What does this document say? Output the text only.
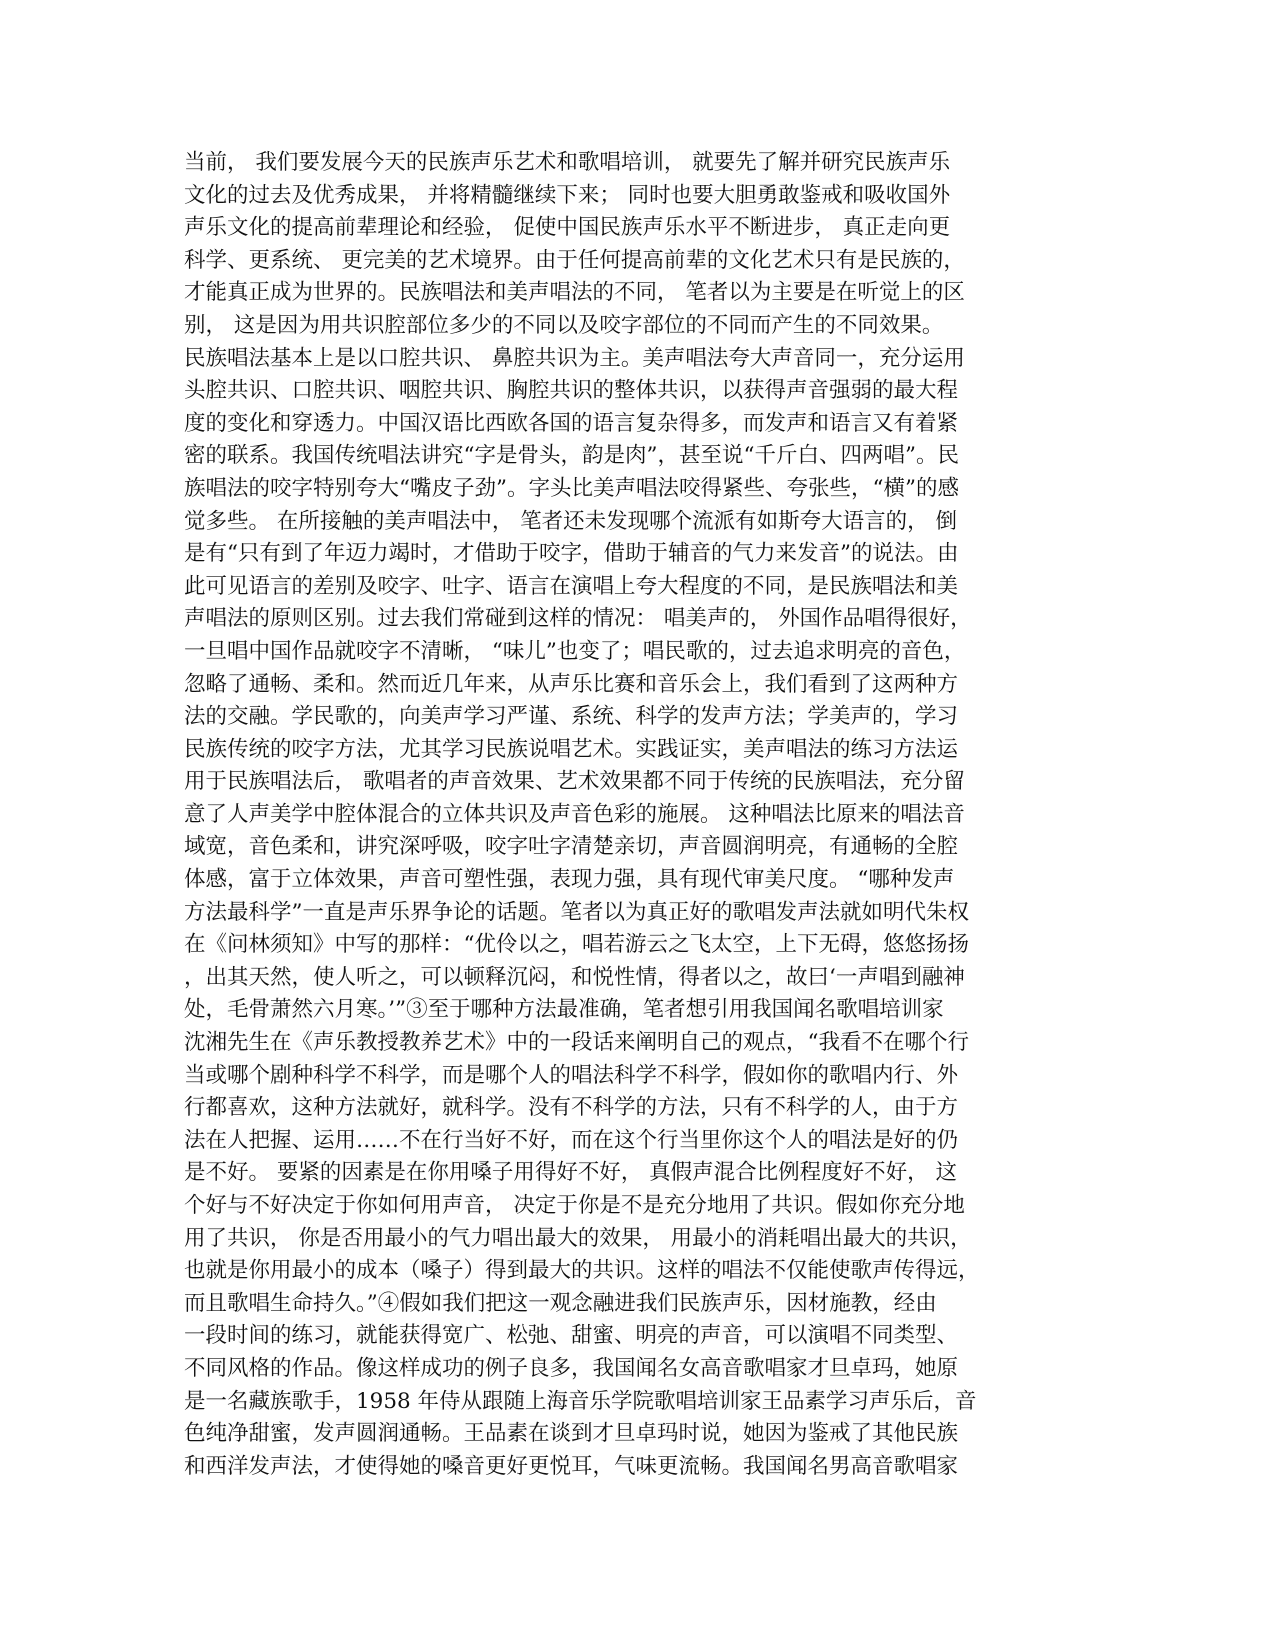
当前， 我们要发展今天的民族声乐艺术和歌唱培训， 就要先了解并研究民族声乐
文化的过去及优秀成果， 并将精髓继续下来； 同时也要大胆勇敢鉴戒和吸收国外
声乐文化的提高前辈理论和经验， 促使中国民族声乐水平不断进步， 真正走向更
科学、更系统、 更完美的艺术境界。由于任何提高前辈的文化艺术只有是民族的，
才能真正成为世界的。民族唱法和美声唱法的不同， 笔者以为主要是在听觉上的区
别， 这是因为用共识腔部位多少的不同以及咬字部位的不同而产生的不同效果。
民族唱法基本上是以口腔共识、 鼻腔共识为主。美声唱法夸大声音同一，充分运用
头腔共识、口腔共识、咽腔共识、胸腔共识的整体共识，以获得声音强弱的最大程
度的变化和穿透力。中国汉语比西欧各国的语言复杂得多，而发声和语言又有着紧
密的联系。我国传统唱法讲究“字是骨头，韵是肉”，甚至说“千斤白、四两唱”。民
族唱法的咬字特别夸大“嘴皮子劲”。字头比美声唱法咬得紧些、夸张些，“横”的感
觉多些。 在所接触的美声唱法中， 笔者还未发现哪个流派有如斯夸大语言的， 倒
是有“只有到了年迈力竭时，才借助于咬字，借助于辅音的气力来发音”的说法。由
此可见语言的差别及咬字、吐字、语言在演唱上夸大程度的不同，是民族唱法和美
声唱法的原则区别。过去我们常碰到这样的情况： 唱美声的， 外国作品唱得很好，
一旦唱中国作品就咬字不清晰， “味儿”也变了；唱民歌的，过去追求明亮的音色，
忽略了通畅、柔和。然而近几年来，从声乐比赛和音乐会上，我们看到了这两种方
法的交融。学民歌的，向美声学习严谨、系统、科学的发声方法；学美声的，学习
民族传统的咬字方法，尤其学习民族说唱艺术。实践证实，美声唱法的练习方法运
用于民族唱法后， 歌唱者的声音效果、艺术效果都不同于传统的民族唱法，充分留
意了人声美学中腔体混合的立体共识及声音色彩的施展。 这种唱法比原来的唱法音
域宽，音色柔和，讲究深呼吸，咬字吐字清楚亲切，声音圆润明亮，有通畅的全腔
体感，富于立体效果，声音可塑性强，表现力强，具有现代审美尺度。 “哪种发声
方法最科学”一直是声乐界争论的话题。笔者以为真正好的歌唱发声法就如明代朱权
在《问林须知》中写的那样：“优伶以之，唱若游云之飞太空，上下无碍，悠悠扬扬
，出其天然，使人听之，可以顿释沉闷，和悦性情，得者以之，故曰‘一声唱到融神
处，毛骨萧然六月寒。’”③至于哪种方法最准确，笔者想引用我国闻名歌唱培训家
沈湘先生在《声乐教授教养艺术》中的一段话来阐明自己的观点，“我看不在哪个行
当或哪个剧种科学不科学，而是哪个人的唱法科学不科学，假如你的歌唱内行、外
行都喜欢，这种方法就好，就科学。没有不科学的方法，只有不科学的人，由于方
法在人把握、运用……不在行当好不好，而在这个行当里你这个人的唱法是好的仍
是不好。 要紧的因素是在你用嗓子用得好不好， 真假声混合比例程度好不好， 这
个好与不好决定于你如何用声音， 决定于你是不是充分地用了共识。假如你充分地
用了共识， 你是否用最小的气力唱出最大的效果， 用最小的消耗唱出最大的共识，
也就是你用最小的成本（嗓子）得到最大的共识。这样的唱法不仅能使歌声传得远，
而且歌唱生命持久。”④假如我们把这一观念融进我们民族声乐，因材施教，经由
一段时间的练习，就能获得宽广、松弛、甜蜜、明亮的声音，可以演唱不同类型、
不同风格的作品。像这样成功的例子良多，我国闻名女高音歌唱家才旦卓玛，她原
是一名藏族歌手，1958 年侍从跟随上海音乐学院歌唱培训家王品素学习声乐后，音
色纯净甜蜜，发声圆润通畅。王品素在谈到才旦卓玛时说，她因为鉴戒了其他民族
和西洋发声法，才使得她的嗓音更好更悦耳，气味更流畅。我国闻名男高音歌唱家
